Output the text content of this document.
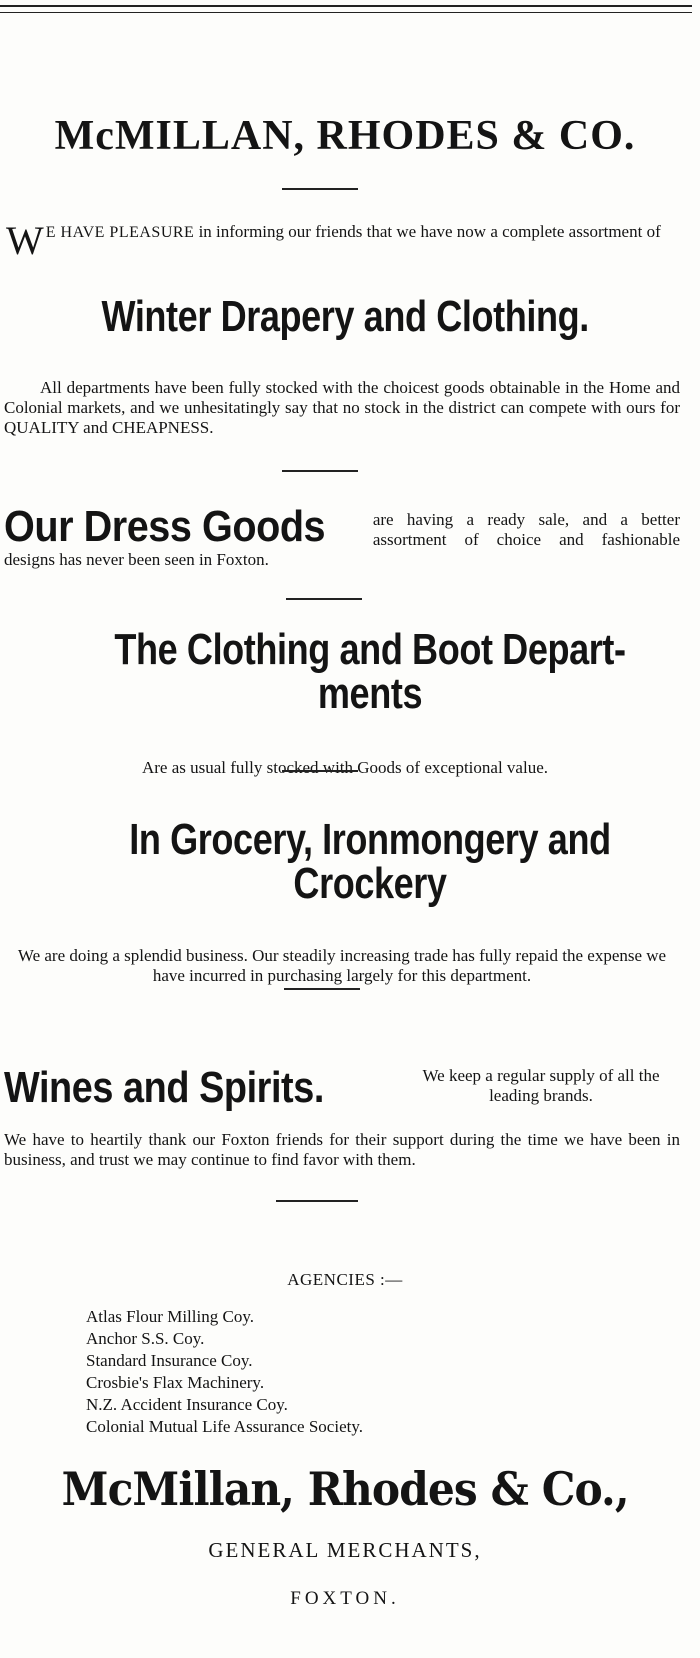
McMILLAN, RHODES & CO.
W E HAVE PLEASURE in informing our friends that we have now a complete assortment of
Winter Drapery and Clothing.
All departments have been fully stocked with the choicest goods obtainable in the Home and Colonial markets, and we unhesitatingly say that no stock in the district can compete with ours for QUALITY and CHEAPNESS.
Our Dress Goods	are having a ready sale, and a better assortment of choice and fashionable designs has never been seen in Foxton.
The Clothing and Boot Depart-ments
Are as usual fully stocked with Goods of exceptional value.
In Grocery, Ironmongery and Crockery
We are doing a splendid business. Our steadily increasing trade has fully repaid the expense we have incurred in purchasing largely for this department.
Wines and Spirits.	We keep a regular supply of all the leading brands.
We have to heartily thank our Foxton friends for their support during the time we have been in business, and trust we may continue to find favor with them.
AGENCIES :—
Atlas Flour Milling Coy.
Anchor S.S. Coy.
Standard Insurance Coy.
Crosbie's Flax Machinery.
N.Z. Accident Insurance Coy.
Colonial Mutual Life Assurance Society.
McMillan, Rhodes & Co.,
GENERAL MERCHANTS,
FOXTON.
